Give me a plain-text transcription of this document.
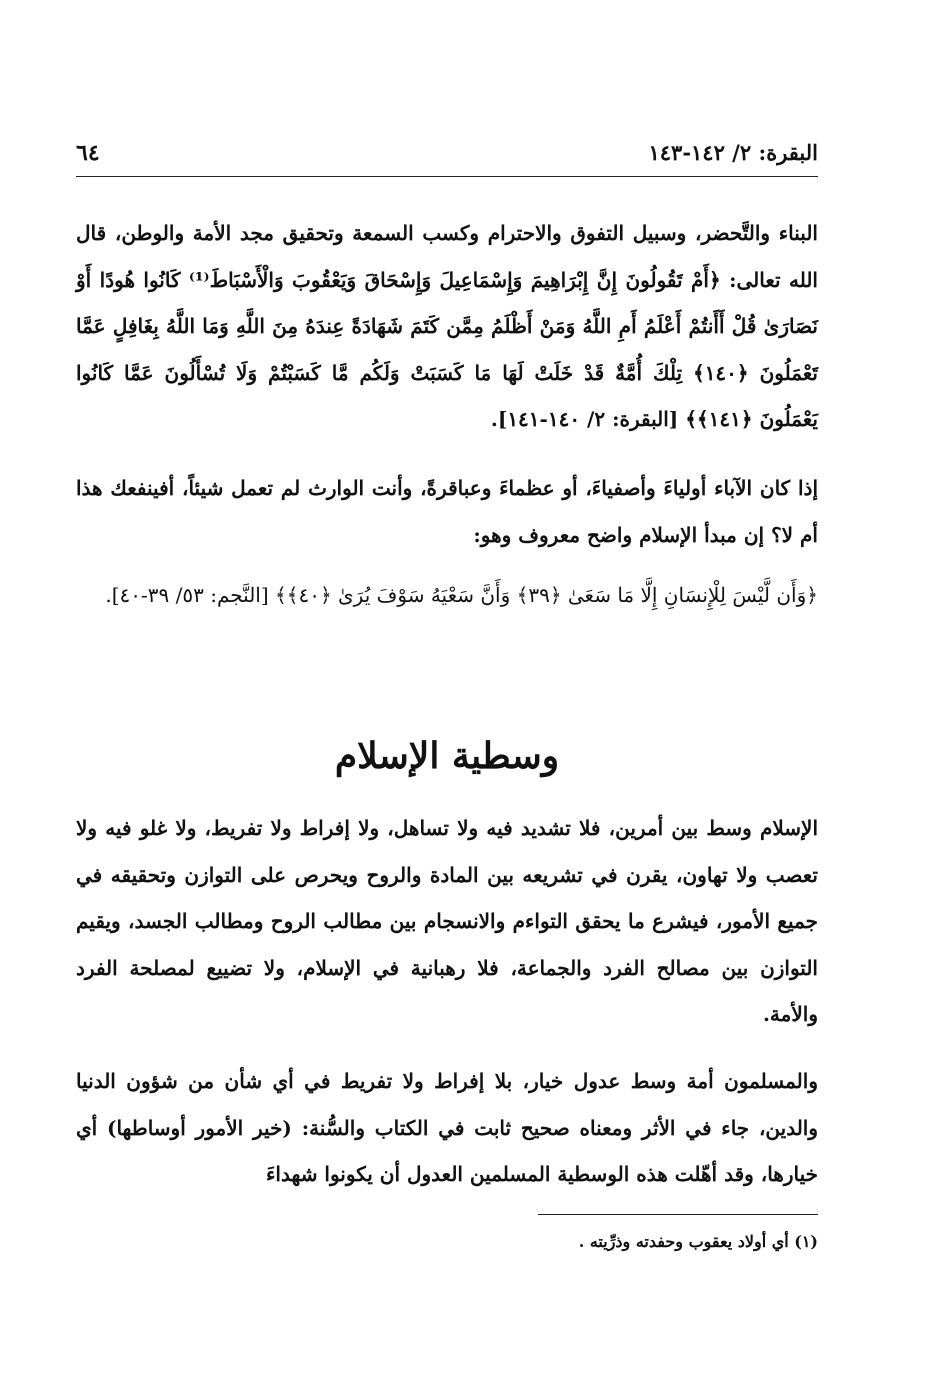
البقرة: ٢/ ١٤٢-١٤٣
٦٤
البناء والتَّحضر، وسبيل التفوق والاحترام وكسب السمعة وتحقيق مجد الأمة والوطن، قال الله تعالى: ﴿أَمْ تَقُولُونَ إِنَّ إِبْرَاهِيمَ وَإِسْمَاعِيلَ وَإِسْحَاقَ وَيَعْقُوبَ وَالْأَسْبَاطَ⁽¹⁾ كَانُوا هُودًا أَوْ نَصَارَىٰ قُلْ أَأَنتُمْ أَعْلَمُ أَمِ اللَّهُ وَمَنْ أَظْلَمُ مِمَّن كَتَمَ شَهَادَةً عِندَهُ مِنَ اللَّهِ وَمَا اللَّهُ بِغَافِلٍ عَمَّا تَعْمَلُونَ ﴿١٤٠﴾ تِلْكَ أُمَّةٌ قَدْ خَلَتْ لَهَا مَا كَسَبَتْ وَلَكُم مَّا كَسَبْتُمْ وَلَا تُسْأَلُونَ عَمَّا كَانُوا يَعْمَلُونَ ﴿١٤١﴾﴾ [البقرة: ٢/ ١٤٠-١٤١].
إذا كان الآباء أولياءَ وأصفياءَ، أو عظماءَ وعباقرةً، وأنت الوارث لم تعمل شيئاً، أفينفعك هذا أم لا؟ إن مبدأ الإسلام واضح معروف وهو:
﴿وَأَن لَّيْسَ لِلْإِنسَانِ إِلَّا مَا سَعَىٰ ﴿٣٩﴾ وَأَنَّ سَعْيَهُ سَوْفَ يُرَىٰ ﴿٤٠﴾﴾ [النَّجم: ٥٣/ ٣٩-٤٠].
وسطية الإسلام
الإسلام وسط بين أمرين، فلا تشديد فيه ولا تساهل، ولا إفراط ولا تفريط، ولا غلو فيه ولا تعصب ولا تهاون، يقرن في تشريعه بين المادة والروح ويحرص على التوازن وتحقيقه في جميع الأمور، فيشرع ما يحقق التواءم والانسجام بين مطالب الروح ومطالب الجسد، ويقيم التوازن بين مصالح الفرد والجماعة، فلا رهبانية في الإسلام، ولا تضييع لمصلحة الفرد والأمة.
والمسلمون أمة وسط عدول خيار، بلا إفراط ولا تفريط في أي شأن من شؤون الدنيا والدين، جاء في الأثر ومعناه صحيح ثابت في الكتاب والسُّنة: (خير الأمور أوساطها) أي خيارها، وقد أهّلت هذه الوسطية المسلمين العدول أن يكونوا شهداءَ
(١) أي أولاد يعقوب وحفدته وذرِّيته .
